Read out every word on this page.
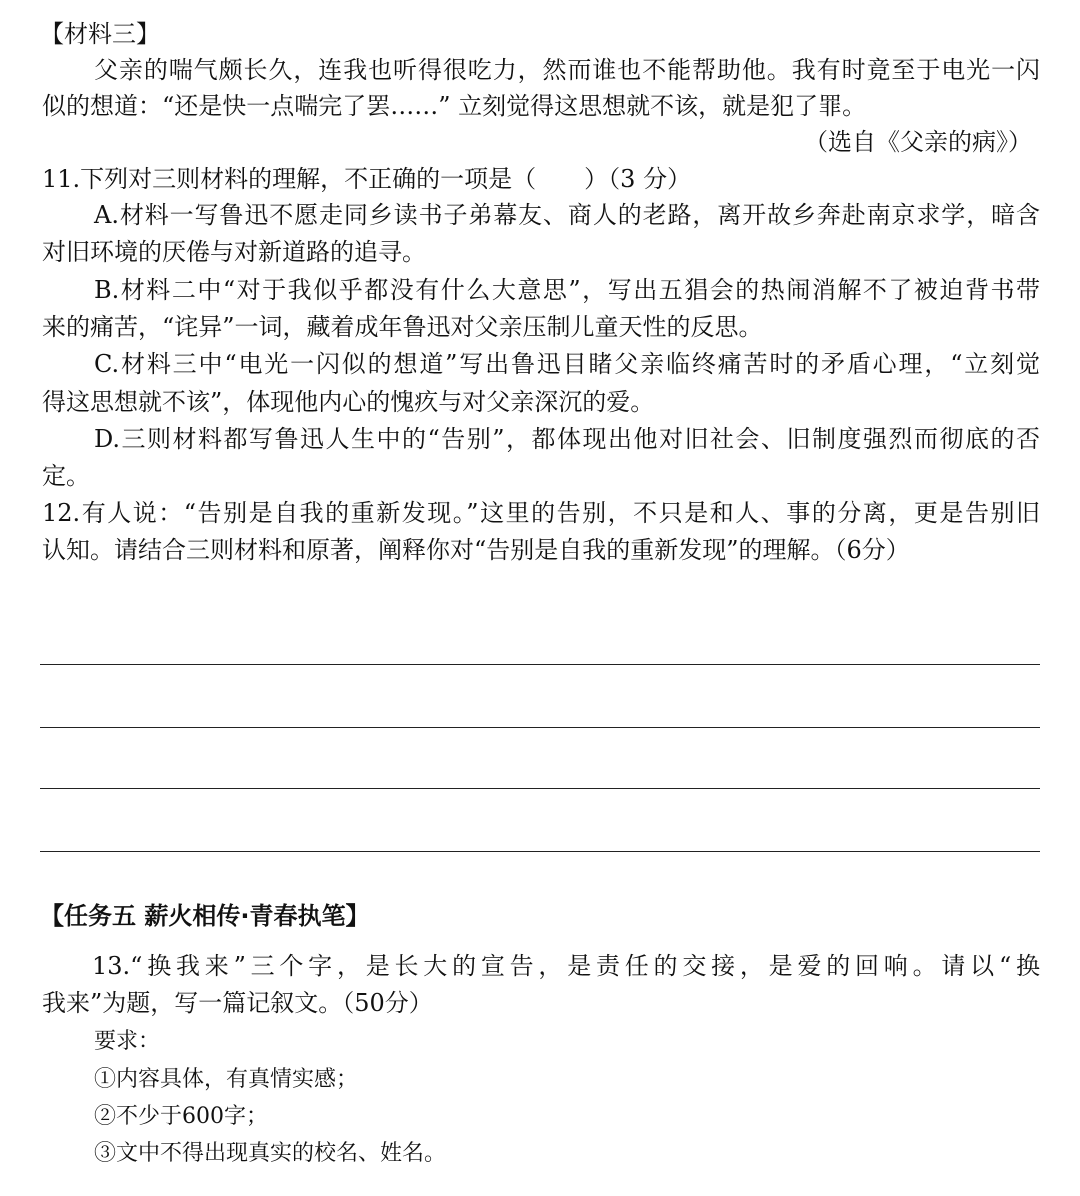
【材料三】
父亲的喘气颇长久，连我也听得很吃力，然而谁也不能帮助他。我有时竟至于电光一闪
似的想道：“还是快一点喘完了罢……” 立刻觉得这思想就不该，就是犯了罪。
（选自《父亲的病》）
11.下列对三则材料的理解，不正确的一项是（　　）（3 分）
A.材料一写鲁迅不愿走同乡读书子弟幕友、商人的老路，离开故乡奔赴南京求学，暗含
对旧环境的厌倦与对新道路的追寻。
B.材料二中“对于我似乎都没有什么大意思”，写出五猖会的热闹消解不了被迫背书带
来的痛苦，“诧异”一词，藏着成年鲁迅对父亲压制儿童天性的反思。
C.材料三中“电光一闪似的想道”写出鲁迅目睹父亲临终痛苦时的矛盾心理，“立刻觉
得这思想就不该”，体现他内心的愧疚与对父亲深沉的爱。
D.三则材料都写鲁迅人生中的“告别”，都体现出他对旧社会、旧制度强烈而彻底的否
定。
12.有人说：“告别是自我的重新发现。”这里的告别，不只是和人、事的分离，更是告别旧
认知。请结合三则材料和原著，阐释你对“告别是自我的重新发现”的理解。（6分）
【任务五 薪火相传·青春执笔】
13.“换我来”三个字，是长大的宣告，是责任的交接，是爱的回响。请以“换
我来”为题，写一篇记叙文。（50分）
要求：
①内容具体，有真情实感；
②不少于600字；
③文中不得出现真实的校名、姓名。
